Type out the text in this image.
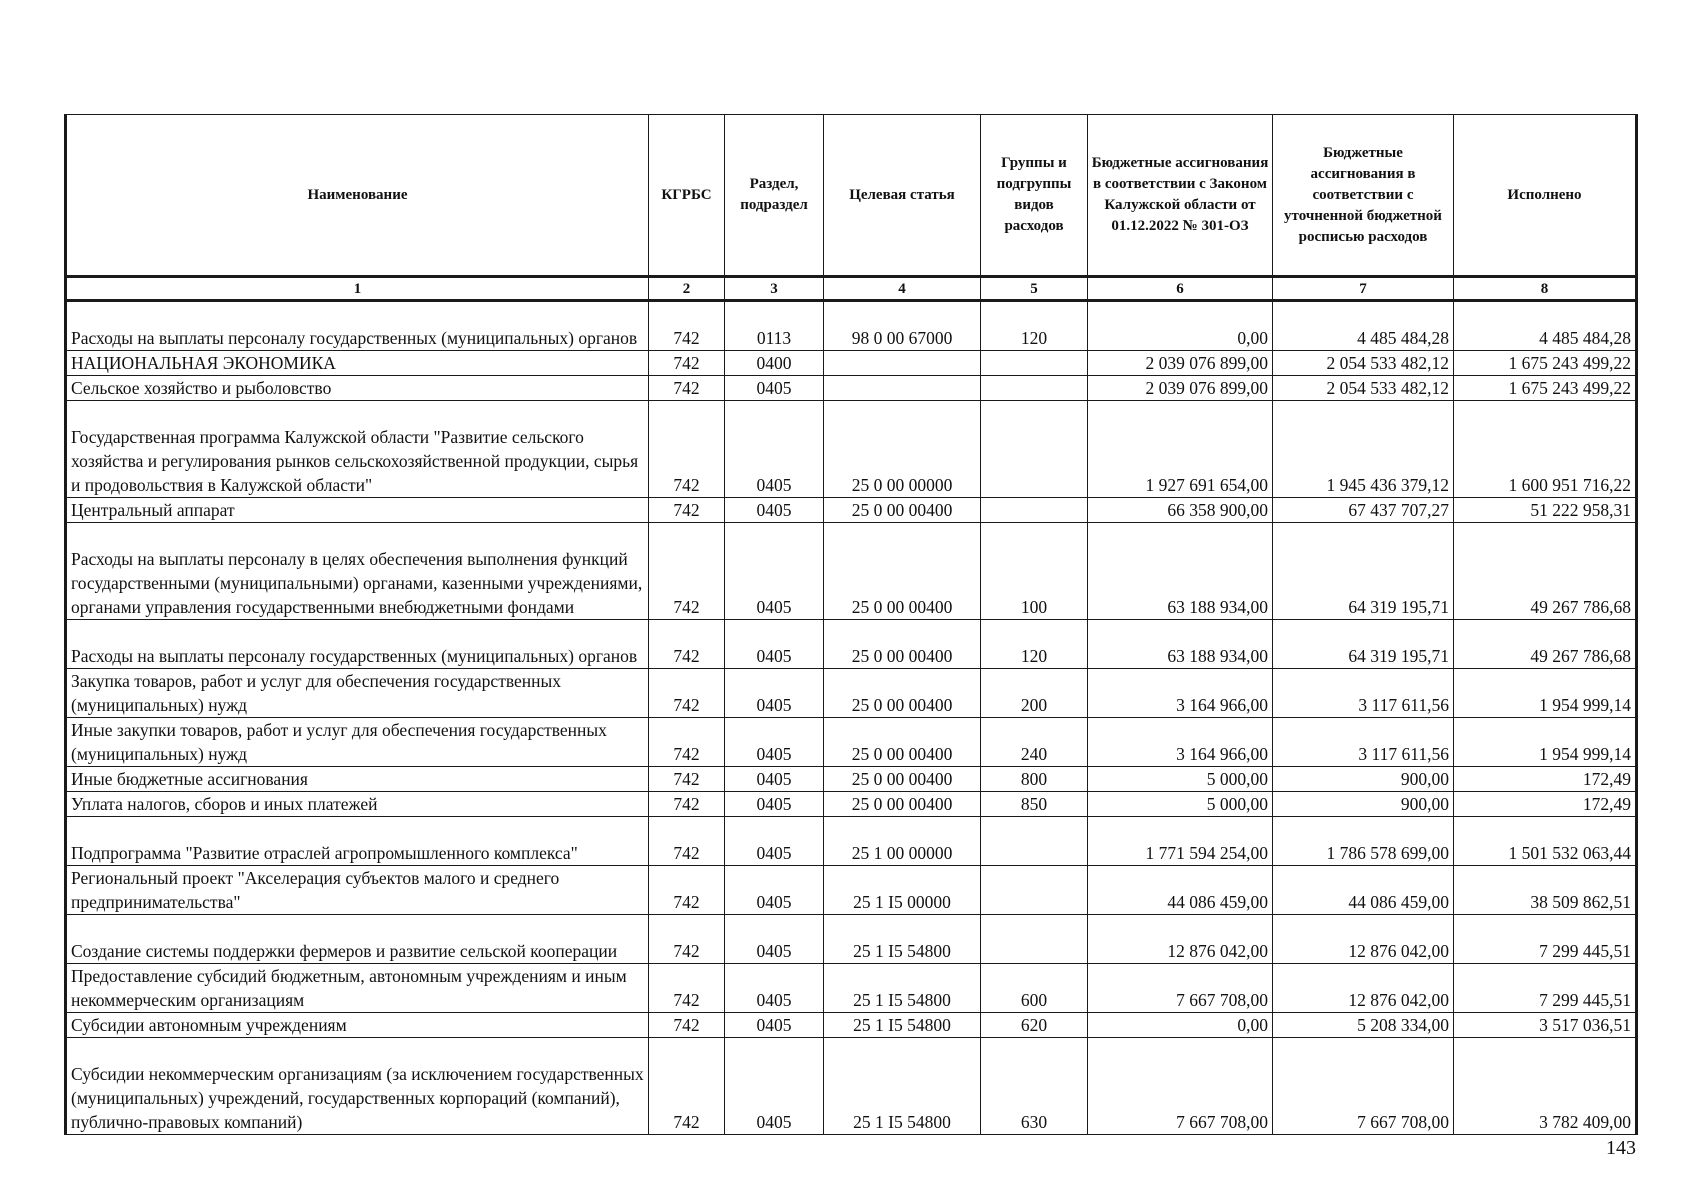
Наименование	КГРБС	Раздел, подраздел	Целевая статья	Группы и подгруппы видов расходов	Бюджетные ассигнования в соответствии с Законом Калужской области от 01.12.2022 № 301-ОЗ	Бюджетные ассигнования в соответствии с уточненной бюджетной росписью расходов	Исполнено
1	2	3	4	5	6	7	8
Расходы на выплаты персоналу государственных (муниципальных) органов	742	0113	98 0 00 67000	120	0,00	4 485 484,28	4 485 484,28
НАЦИОНАЛЬНАЯ ЭКОНОМИКА	742	0400			2 039 076 899,00	2 054 533 482,12	1 675 243 499,22
Сельское хозяйство и рыболовство	742	0405			2 039 076 899,00	2 054 533 482,12	1 675 243 499,22
Государственная программа Калужской области "Развитие сельского хозяйства и регулирования рынков сельскохозяйственной продукции, сырья и продовольствия в Калужской области"	742	0405	25 0 00 00000		1 927 691 654,00	1 945 436 379,12	1 600 951 716,22
Центральный аппарат	742	0405	25 0 00 00400		66 358 900,00	67 437 707,27	51 222 958,31
Расходы на выплаты персоналу в целях обеспечения выполнения функций государственными (муниципальными) органами, казенными учреждениями, органами управления государственными внебюджетными фондами	742	0405	25 0 00 00400	100	63 188 934,00	64 319 195,71	49 267 786,68
Расходы на выплаты персоналу государственных (муниципальных) органов	742	0405	25 0 00 00400	120	63 188 934,00	64 319 195,71	49 267 786,68
Закупка товаров, работ и услуг для обеспечения государственных (муниципальных) нужд	742	0405	25 0 00 00400	200	3 164 966,00	3 117 611,56	1 954 999,14
Иные закупки товаров, работ и услуг для обеспечения государственных (муниципальных) нужд	742	0405	25 0 00 00400	240	3 164 966,00	3 117 611,56	1 954 999,14
Иные бюджетные ассигнования	742	0405	25 0 00 00400	800	5 000,00	900,00	172,49
Уплата налогов, сборов и иных платежей	742	0405	25 0 00 00400	850	5 000,00	900,00	172,49
Подпрограмма "Развитие отраслей агропромышленного комплекса"	742	0405	25 1 00 00000		1 771 594 254,00	1 786 578 699,00	1 501 532 063,44
Региональный проект "Акселерация субъектов малого и среднего предпринимательства"	742	0405	25 1 I5 00000		44 086 459,00	44 086 459,00	38 509 862,51
Создание системы поддержки фермеров и развитие сельской кооперации	742	0405	25 1 I5 54800		12 876 042,00	12 876 042,00	7 299 445,51
Предоставление субсидий бюджетным, автономным учреждениям и иным некоммерческим организациям	742	0405	25 1 I5 54800	600	7 667 708,00	12 876 042,00	7 299 445,51
Субсидии автономным учреждениям	742	0405	25 1 I5 54800	620	0,00	5 208 334,00	3 517 036,51
Субсидии некоммерческим организациям (за исключением государственных (муниципальных) учреждений, государственных корпораций (компаний), публично-правовых компаний)	742	0405	25 1 I5 54800	630	7 667 708,00	7 667 708,00	3 782 409,00
143
